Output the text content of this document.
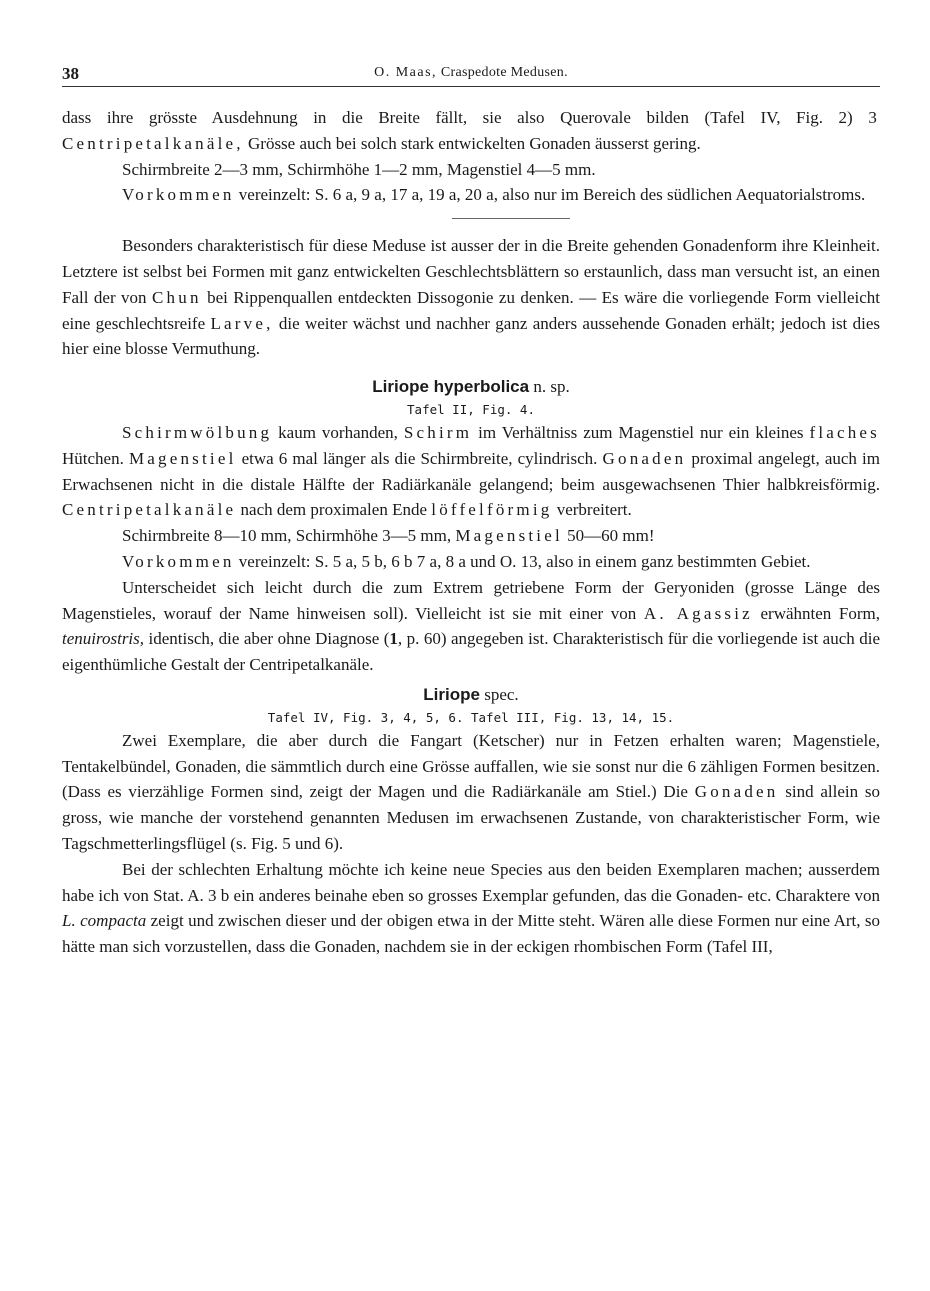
38	O. Maas, Craspedote Medusen.

dass ihre grösste Ausdehnung in die Breite fällt, sie also Querovale bilden (Tafel IV, Fig. 2) 3 Centripetalkanäle, Grösse auch bei solch stark entwickelten Gonaden äusserst gering.

Schirmbreite 2—3 mm, Schirmhöhe 1—2 mm, Magenstiel 4—5 mm.

Vorkommen vereinzelt: S. 6 a, 9 a, 17 a, 19 a, 20 a, also nur im Bereich des südlichen Aequatorialstroms.

Besonders charakteristisch für diese Meduse ist ausser der in die Breite gehenden Gonadenform ihre Kleinheit. Letztere ist selbst bei Formen mit ganz entwickelten Geschlechtsblättern so erstaunlich, dass man versucht ist, an einen Fall der von Chun bei Rippenquallen entdeckten Dissogonie zu denken. — Es wäre die vorliegende Form vielleicht eine geschlechtsreife Larve, die weiter wächst und nachher ganz anders aussehende Gonaden erhält; jedoch ist dies hier eine blosse Vermuthung.

Liriope hyperbolica n. sp.
Tafel II, Fig. 4.

Schirmwölbung kaum vorhanden, Schirm im Verhältniss zum Magenstiel nur ein kleines flaches Hütchen. Magenstiel etwa 6 mal länger als die Schirmbreite, cylindrisch. Gonaden proximal angelegt, auch im Erwachsenen nicht in die distale Hälfte der Radiärkanäle gelangend; beim ausgewachsenen Thier halbkreisförmig. Centripetalkanäle nach dem proximalen Ende löffelförmig verbreitert.

Schirmbreite 8—10 mm, Schirmhöhe 3—5 mm, Magenstiel 50—60 mm!

Vorkommen vereinzelt: S. 5 a, 5 b, 6 b 7 a, 8 a und O. 13, also in einem ganz bestimmten Gebiet.

Unterscheidet sich leicht durch die zum Extrem getriebene Form der Geryoniden (grosse Länge des Magenstieles, worauf der Name hinweisen soll). Vielleicht ist sie mit einer von A. Agassiz erwähnten Form, tenuirostris, identisch, die aber ohne Diagnose (1, p. 60) angegeben ist. Charakteristisch für die vorliegende ist auch die eigenthümliche Gestalt der Centripetalkanäle.

Liriope spec.
Tafel IV, Fig. 3, 4, 5, 6. Tafel III, Fig. 13, 14, 15.

Zwei Exemplare, die aber durch die Fangart (Ketscher) nur in Fetzen erhalten waren; Magenstiele, Tentakelbündel, Gonaden, die sämmtlich durch eine Grösse auffallen, wie sie sonst nur die 6 zähligen Formen besitzen. (Dass es vierzählige Formen sind, zeigt der Magen und die Radiärkanäle am Stiel.) Die Gonaden sind allein so gross, wie manche der vorstehend genannten Medusen im erwachsenen Zustande, von charakteristischer Form, wie Tagschmetterlingsflügel (s. Fig. 5 und 6).

Bei der schlechten Erhaltung möchte ich keine neue Species aus den beiden Exemplaren machen; ausserdem habe ich von Stat. A. 3 b ein anderes beinahe eben so grosses Exemplar gefunden, das die Gonaden- etc. Charaktere von L. compacta zeigt und zwischen dieser und der obigen etwa in der Mitte steht. Wären alle diese Formen nur eine Art, so hätte man sich vorzustellen, dass die Gonaden, nachdem sie in der eckigen rhombischen Form (Tafel III,
